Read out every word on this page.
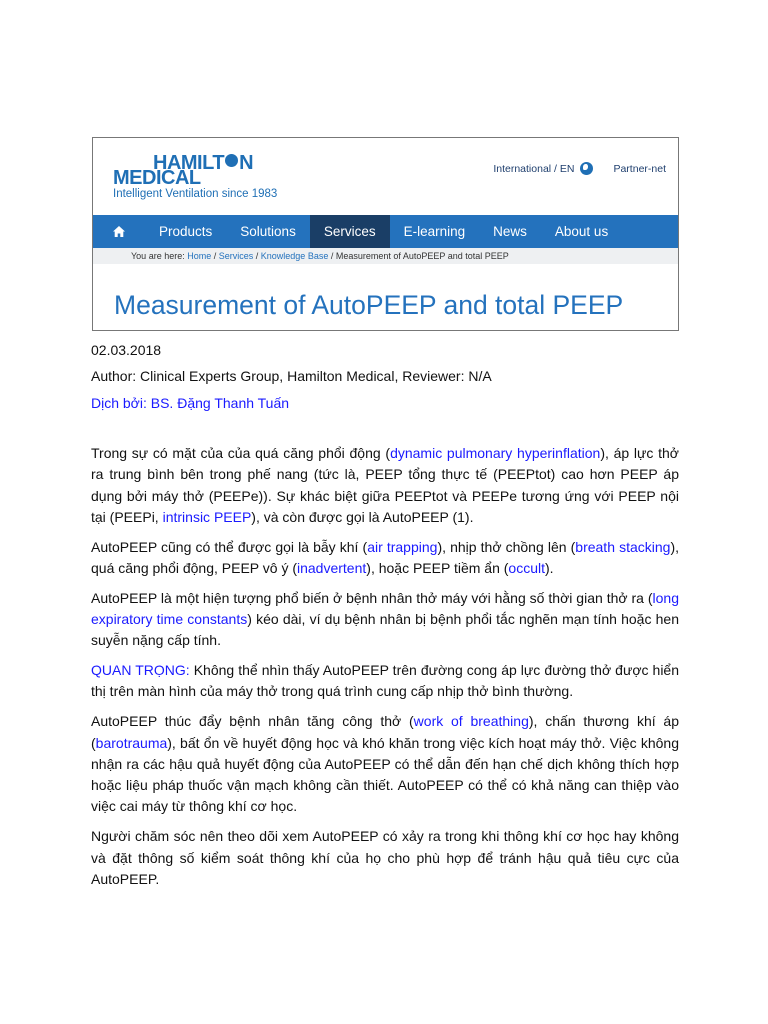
HAMILT N
MEDICAL
Intelligent Ventilation since 1983
International / EN	Partner-net
Products	Solutions	Services	E-learning	News	About us
You are here: Home / Services / Knowledge Base / Measurement of AutoPEEP and total PEEP
Measurement of AutoPEEP and total PEEP
02.03.2018
Author: Clinical Experts Group, Hamilton Medical, Reviewer: N/A
Dịch bởi: BS. Đặng Thanh Tuấn

Trong sự có mặt của của quá căng phổi động (dynamic pulmonary hyperinflation), áp lực thở ra trung bình bên trong phế nang (tức là, PEEP tổng thực tế (PEEPtot) cao hơn PEEP áp dụng bởi máy thở (PEEPe)). Sự khác biệt giữa PEEPtot và PEEPe tương ứng với PEEP nội tại (PEEPi, intrinsic PEEP), và còn được gọi là AutoPEEP (1).

AutoPEEP cũng có thể được gọi là bẫy khí (air trapping), nhịp thở chồng lên (breath stacking), quá căng phổi động, PEEP vô ý (inadvertent), hoặc PEEP tiềm ẩn (occult).

AutoPEEP là một hiện tượng phổ biến ở bệnh nhân thở máy với hằng số thời gian thở ra (long expiratory time constants) kéo dài, ví dụ bệnh nhân bị bệnh phổi tắc nghẽn mạn tính hoặc hen suyễn nặng cấp tính.

QUAN TRỌNG: Không thể nhìn thấy AutoPEEP trên đường cong áp lực đường thở được hiển thị trên màn hình của máy thở trong quá trình cung cấp nhịp thở bình thường.

AutoPEEP thúc đẩy bệnh nhân tăng công thở (work of breathing), chấn thương khí áp (barotrauma), bất ổn về huyết động học và khó khăn trong việc kích hoạt máy thở. Việc không nhận ra các hậu quả huyết động của AutoPEEP có thể dẫn đến hạn chế dịch không thích hợp hoặc liệu pháp thuốc vận mạch không cần thiết. AutoPEEP có thể có khả năng can thiệp vào việc cai máy từ thông khí cơ học.

Người chăm sóc nên theo dõi xem AutoPEEP có xảy ra trong khi thông khí cơ học hay không và đặt thông số kiểm soát thông khí của họ cho phù hợp để tránh hậu quả tiêu cực của AutoPEEP.
